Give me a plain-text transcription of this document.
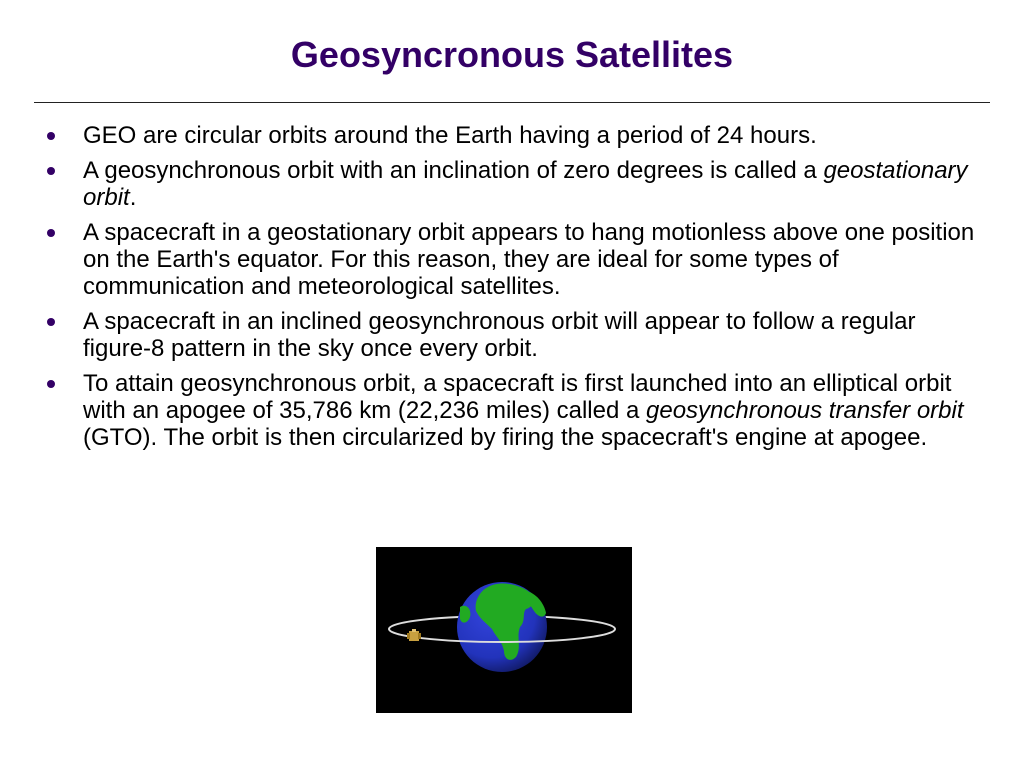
Geosyncronous Satellites
GEO are circular orbits around the Earth having a period of 24 hours.
A geosynchronous orbit with an inclination of zero degrees is called a geostationary orbit.
A spacecraft in a geostationary orbit appears to hang motionless above one position on the Earth's equator. For this reason, they are ideal for some types of communication and meteorological satellites.
A spacecraft in an inclined geosynchronous orbit will appear to follow a regular figure-8 pattern in the sky once every orbit.
To attain geosynchronous orbit, a spacecraft is first launched into an elliptical orbit with an apogee of 35,786 km (22,236 miles) called a geosynchronous transfer orbit (GTO). The orbit is then circularized by firing the spacecraft's engine at apogee.
